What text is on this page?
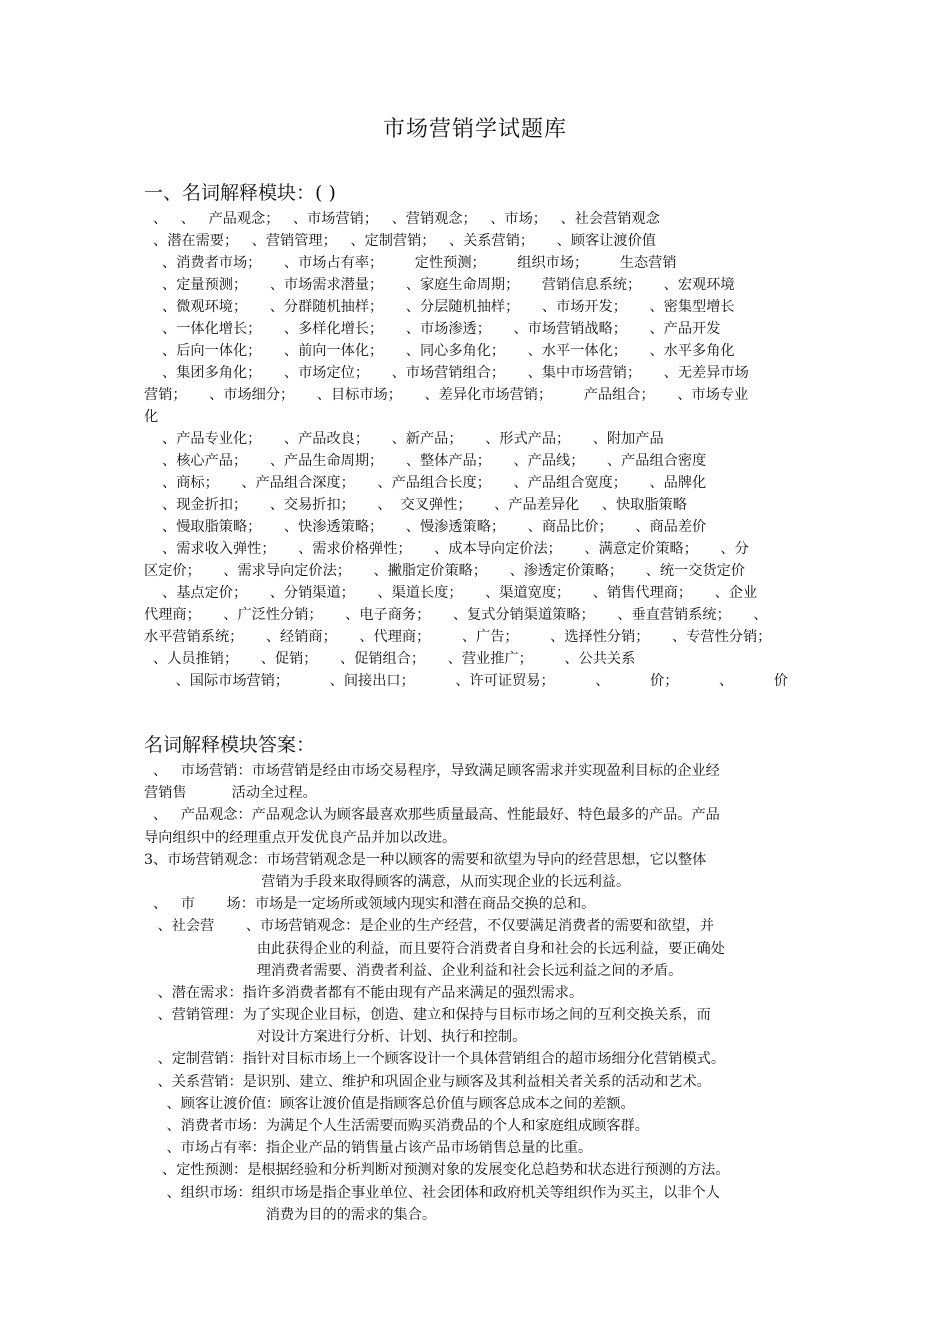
市场营销学试题库
一、名词解释模块：( )
、   、   产品观念；   、市场营销；   、营销观念；   、市场；   、社会营销观念
、潜在需要；   、营销管理；   、定制营销；   、关系营销；     、顾客让渡价值
、消费者市场；     、市场占有率；       定性预测；       组织市场；       生态营销
、定量预测；     、市场需求潜量；     、家庭生命周期；     营销信息系统；     、宏观环境
、微观环境；     、分群随机抽样；     、分层随机抽样；     、市场开发；     、密集型增长
、一体化增长；     、多样化增长；     、市场渗透；     、市场营销战略；     、产品开发
、后向一体化；     、前向一体化；     、同心多角化；     、水平一体化；     、水平多角化
、集团多角化；     、市场定位；     、市场营销组合；     、集中市场营销；     、无差异市场
营销；     、市场细分；     、目标市场；     、差异化市场营销；       产品组合；     、市场专业
化
、产品专业化；     、产品改良；     、新产品；     、形式产品；     、附加产品
、核心产品；     、产品生命周期；     、整体产品；     、产品线；     、产品组合密度
、商标；     、产品组合深度；     、产品组合长度；     、产品组合宽度；     、品牌化
、现金折扣；     、交易折扣；     、  交叉弹性；     、产品差异化     、快取脂策略
、慢取脂策略；     、快渗透策略；     、慢渗透策略；     、商品比价；     、商品差价
、需求收入弹性；     、需求价格弹性；     、成本导向定价法；     、满意定价策略；     、分
区定价；     、需求导向定价法；     、撇脂定价策略；     、渗透定价策略；     、统一交货定价
、基点定价；     、分销渠道；     、渠道长度；     、渠道宽度；     、销售代理商；     、企业
代理商；     、广泛性分销；     、电子商务；     、复式分销渠道策略；     、垂直营销系统；     、
水平营销系统；     、经销商；     、代理商；       、广告；       、选择性分销；     、专营性分销；
、人员推销；     、促销；     、促销组合；     、营业推广；       、公共关系
、国际市场营销；         、间接出口；         、许可证贸易；         、         价；         、         价
名词解释模块答案：
、   市场营销：市场营销是经由市场交易程序，导致满足顾客需求并实现盈利目标的企业经
营销售          活动全过程。
、   产品观念：产品观念认为顾客最喜欢那些质量最高、性能最好、特色最多的产品。产品
导向组织中的经理重点开发优良产品并加以改进。
3、市场营销观念：市场营销观念是一种以顾客的需要和欲望为导向的经营思想，它以整体
营销为手段来取得顾客的满意，从而实现企业的长远利益。
、   市       场：市场是一定场所或领域内现实和潜在商品交换的总和。
、社会营       、市场营销观念：是企业的生产经营，不仅要满足消费者的需要和欲望，并
由此获得企业的利益，而且要符合消费者自身和社会的长远利益，要正确处
理消费者需要、消费者利益、企业利益和社会长远利益之间的矛盾。
、潜在需求：指许多消费者都有不能由现有产品来满足的强烈需求。
、营销管理：为了实现企业目标，创造、建立和保持与目标市场之间的互利交换关系，而
对设计方案进行分析、计划、执行和控制。
、定制营销：指针对目标市场上一个顾客设计一个具体营销组合的超市场细分化营销模式。
、关系营销：是识别、建立、维护和巩固企业与顾客及其利益相关者关系的活动和艺术。
、顾客让渡价值：顾客让渡价值是指顾客总价值与顾客总成本之间的差额。
、消费者市场：为满足个人生活需要而购买消费品的个人和家庭组成顾客群。
、市场占有率：指企业产品的销售量占该产品市场销售总量的比重。
、定性预测：是根据经验和分析判断对预测对象的发展变化总趋势和状态进行预测的方法。
、组织市场：组织市场是指企事业单位、社会团体和政府机关等组织作为买主，以非个人
消费为目的的需求的集合。
